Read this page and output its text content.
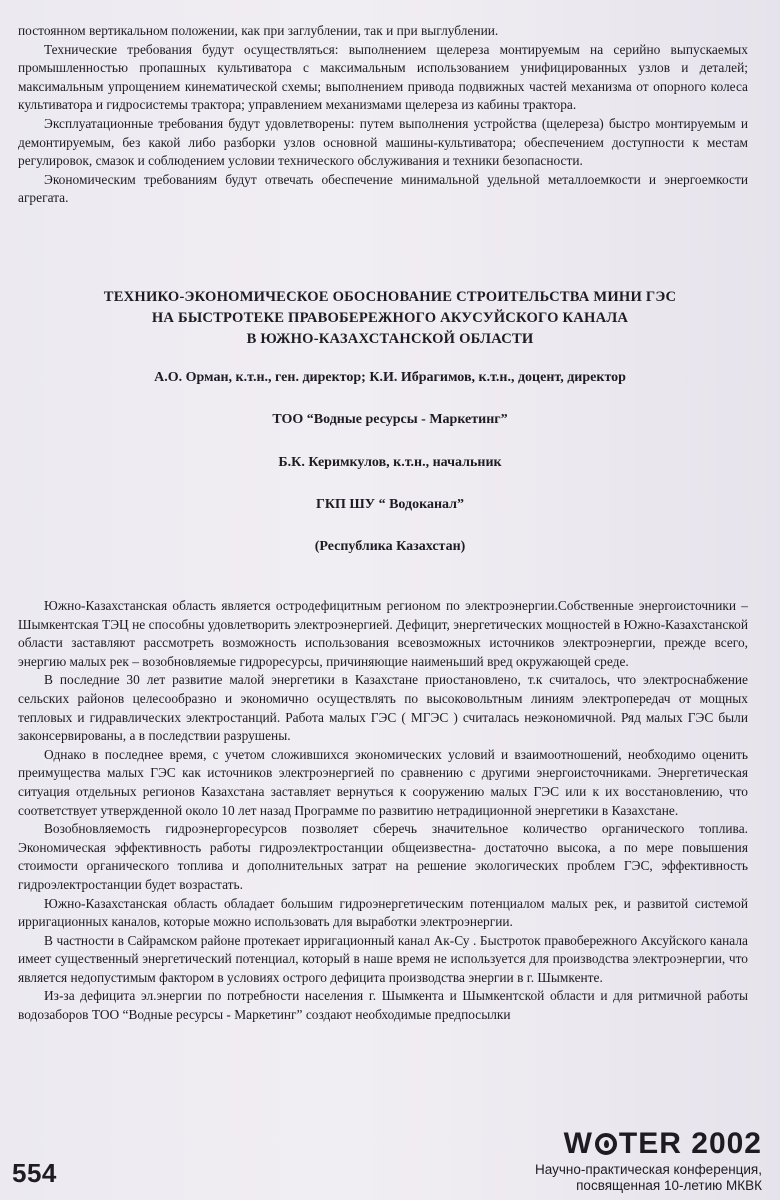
постоянном вертикальном положении, как при заглублении, так и при выглублении.

Технические требования будут осуществляться: выполнением щелереза монтируемым на серийно выпускаемых промышленностью пропашных культиватора с максимальным использованием унифицированных узлов и деталей; максимальным упрощением кинематической схемы; выполнением привода подвижных частей механизма от опорного колеса культиватора и гидросистемы трактора; управлением механизмами щелереза из кабины трактора.

Эксплуатационные требования будут удовлетворены: путем выполнения устройства (щелереза) быстро монтируемым и демонтируемым, без какой либо разборки узлов основной машины-культиватора; обеспечением доступности к местам регулировок, смазок и соблюдением условии технического обслуживания и техники безопасности.

Экономическим требованиям будут отвечать обеспечение минимальной удельной металлоемкости и энергоемкости агрегата.

ТЕХНИКО-ЭКОНОМИЧЕСКОЕ ОБОСНОВАНИЕ СТРОИТЕЛЬСТВА МИНИ ГЭС

НА БЫСТРОТЕКЕ ПРАВОБЕРЕЖНОГО АКУСУЙСКОГО КАНАЛА

В ЮЖНО-КАЗАХСТАНСКОЙ ОБЛАСТИ

А.О. Орман, к.т.н., ген. директор; К.И. Ибрагимов, к.т.н., доцент, директор

ТОО “Водные ресурсы - Маркетинг”

Б.К. Керимкулов, к.т.н., начальник

ГКП ШУ “ Водоканал”

(Республика Казахстан)

Южно-Казахстанская область является остродефицитным регионом по электроэнергии.Собственные энергоисточники – Шымкентская ТЭЦ не способны удовлетворить электроэнергией. Дефицит, энергетических мощностей в Южно-Казахстанской области заставляют рассмотреть возможность использования всевозможных источников электроэнергии, прежде всего, энергию малых рек – возобновляемые гидроресурсы, причиняющие наименьший вред окружающей среде.

В последние 30 лет развитие малой энергетики в Казахстане приостановлено, т.к считалось, что электроснабжение сельских районов целесообразно и экономично осуществлять по высоковольтным линиям электропередач от мощных тепловых и гидравлических электростанций. Работа малых ГЭС ( МГЭС ) считалась неэкономичной. Ряд малых ГЭС были законсервированы, а в последствии разрушены.

Однако в последнее время, с учетом сложившихся экономических условий и взаимоотношений, необходимо оценить преимущества малых ГЭС как источников электроэнергией по сравнению с другими энергоисточниками. Энергетическая ситуация отдельных регионов Казахстана заставляет вернуться к сооружению малых ГЭС или к их восстановлению, что соответствует утвержденной около 10 лет назад Программе по развитию нетрадиционной энергетики в Казахстане.

Возобновляемость гидроэнергоресурсов позволяет сберечь значительное количество органического топлива. Экономическая эффективность работы гидроэлектростанции общеизвестна- достаточно высока, а по мере повышения стоимости органического топлива и дополнительных затрат на решение экологических проблем ГЭС, эффективность гидроэлектростанции будет возрастать.

Южно-Казахстанская область обладает большим гидроэнергетическим потенциалом малых рек, и развитой системой ирригационных каналов, которые можно использовать для выработки электроэнергии.

В частности в Сайрамском районе протекает ирригационный канал Ак-Су . Быстроток правобережного Аксуйского канала имеет существенный энергетический потенциал, который в наше время не используется для производства электроэнергии, что является недопустимым фактором в условиях острого дефицита производства энергии в г. Шымкенте.

Из-за дефицита эл.энергии по потребности населения г. Шымкента и Шымкентской области и для ритмичной работы водозаборов ТОО “Водные ресурсы - Маркетинг” создают необходимые предпосылки

554
W TER 2002
Научно-практическая конференция,
посвященная 10-летию МКВК
